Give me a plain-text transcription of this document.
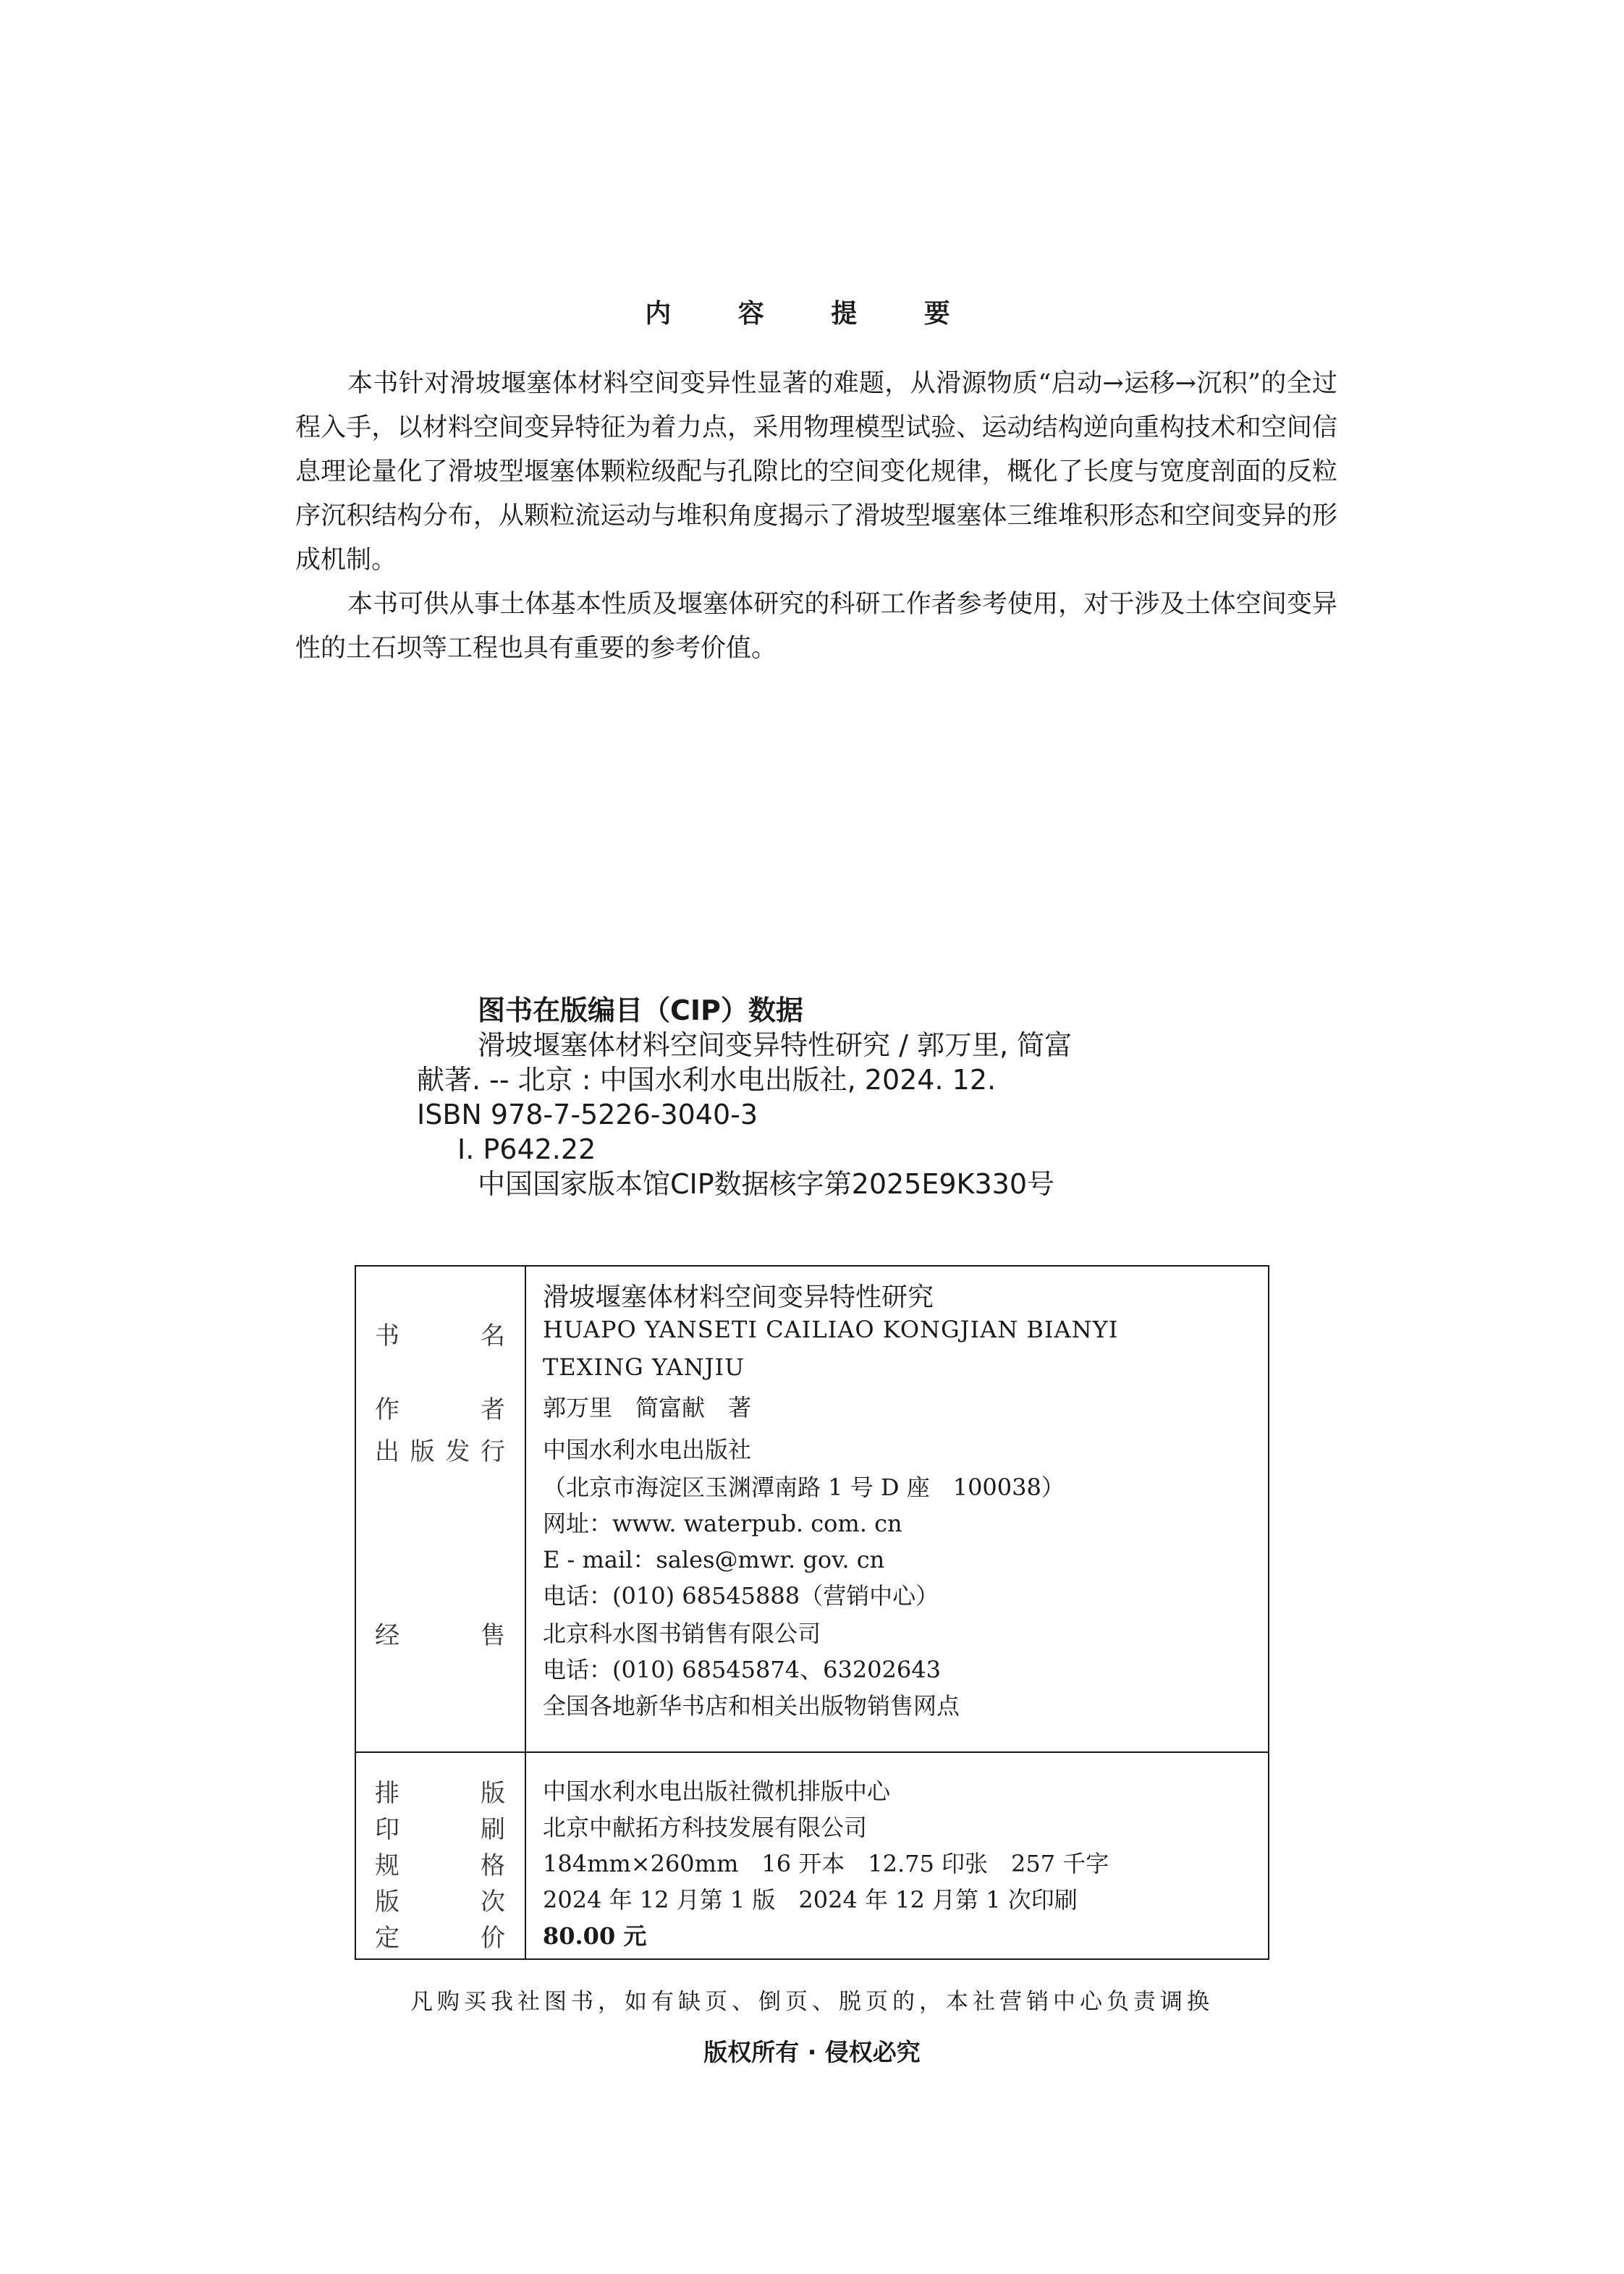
内 容 提 要

本书针对滑坡堰塞体材料空间变异性显著的难题，从滑源物质“启动→运移→沉积”的全过程入手，以材料空间变异特征为着力点，采用物理模型试验、运动结构逆向重构技术和空间信息理论量化了滑坡型堰塞体颗粒级配与孔隙比的空间变化规律，概化了长度与宽度剖面的反粒序沉积结构分布，从颗粒流运动与堆积角度揭示了滑坡型堰塞体三维堆积形态和空间变异的形成机制。

本书可供从事土体基本性质及堰塞体研究的科研工作者参考使用，对于涉及土体空间变异性的土石坝等工程也具有重要的参考价值。

图书在版编目（CIP）数据
滑坡堰塞体材料空间变异特性研究 / 郭万里, 简富
献著. -- 北京 : 中国水利水电出版社, 2024. 12.
ISBN 978-7-5226-3040-3
Ⅰ. P642.22
中国国家版本馆CIP数据核字第2025E9K330号
书	名
滑坡堰塞体材料空间变异特性研究
HUAPO YANSETI CAILIAO KONGJIAN BIANYI
TEXING YANJIU
作	者 郭万里　简富献　著
出 版 发 行 中国水利水电出版社
（北京市海淀区玉渊潭南路 1 号 D 座　100038）
网址：www. waterpub. com. cn
E - mail：sales@mwr. gov. cn
电话：(010) 68545888（营销中心）
经	售 北京科水图书销售有限公司
电话：(010) 68545874、63202643
全国各地新华书店和相关出版物销售网点
排	版 中国水利水电出版社微机排版中心
印	刷 北京中献拓方科技发展有限公司
规	格 184mm×260mm　16 开本　12.75 印张　257 千字
版	次 2024 年 12 月第 1 版　2024 年 12 月第 1 次印刷
定	价 80.00 元
凡购买我社图书，如有缺页、倒页、脱页的，本社营销中心负责调换
版权所有 · 侵权必究
